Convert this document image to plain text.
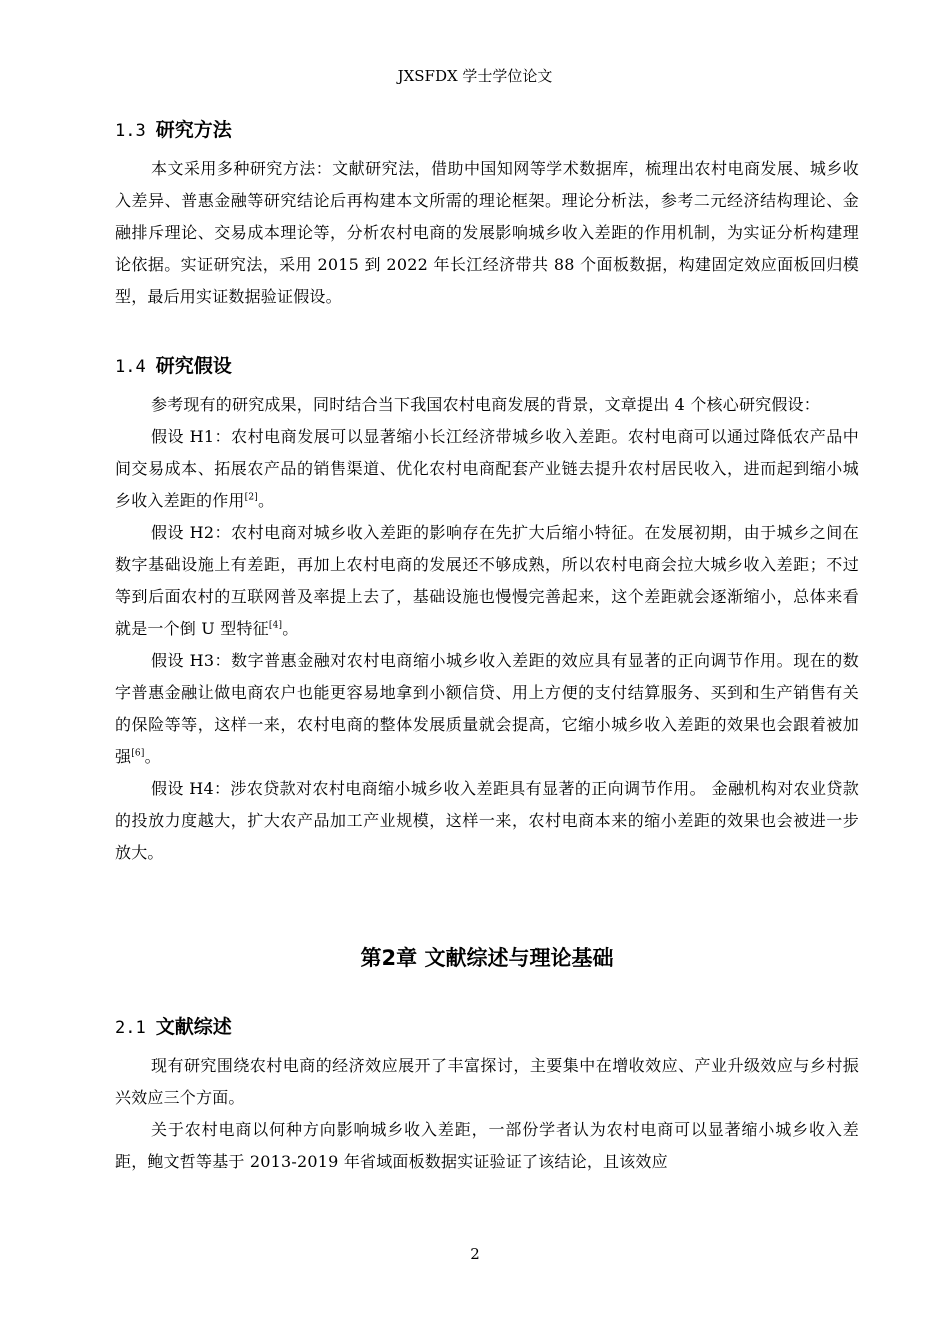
JXSFDX 学士学位论文
1.3 研究方法

本文采用多种研究方法：文献研究法，借助中国知网等学术数据库，梳理出农村电商发展、城乡收入差异、普惠金融等研究结论后再构建本文所需的理论框架。理论分析法，参考二元经济结构理论、金融排斥理论、交易成本理论等，分析农村电商的发展影响城乡收入差距的作用机制，为实证分析构建理论依据。实证研究法，采用 2015 到 2022 年长江经济带共 88 个面板数据，构建固定效应面板回归模型，最后用实证数据验证假设。

1.4 研究假设

参考现有的研究成果，同时结合当下我国农村电商发展的背景，文章提出 4 个核心研究假设：

假设 H1：农村电商发展可以显著缩小长江经济带城乡收入差距。农村电商可以通过降低农产品中间交易成本、拓展农产品的销售渠道、优化农村电商配套产业链去提升农村居民收入，进而起到缩小城乡收入差距的作用[2]。

假设 H2：农村电商对城乡收入差距的影响存在先扩大后缩小特征。在发展初期，由于城乡之间在数字基础设施上有差距，再加上农村电商的发展还不够成熟，所以农村电商会拉大城乡收入差距；不过等到后面农村的互联网普及率提上去了，基础设施也慢慢完善起来，这个差距就会逐渐缩小，总体来看就是一个倒 U 型特征[4]。

假设 H3：数字普惠金融对农村电商缩小城乡收入差距的效应具有显著的正向调节作用。现在的数字普惠金融让做电商农户也能更容易地拿到小额信贷、用上方便的支付结算服务、买到和生产销售有关的保险等等，这样一来，农村电商的整体发展质量就会提高，它缩小城乡收入差距的效果也会跟着被加强[6]。

假设 H4：涉农贷款对农村电商缩小城乡收入差距具有显著的正向调节作用。 金融机构对农业贷款的投放力度越大，扩大农产品加工产业规模，这样一来，农村电商本来的缩小差距的效果也会被进一步放大。

第2章 文献综述与理论基础
2.1 文献综述

现有研究围绕农村电商的经济效应展开了丰富探讨，主要集中在增收效应、产业升级效应与乡村振兴效应三个方面。

关于农村电商以何种方向影响城乡收入差距，一部份学者认为农村电商可以显著缩小城乡收入差距，鲍文哲等基于 2013-2019 年省域面板数据实证验证了该结论，且该效应

2
